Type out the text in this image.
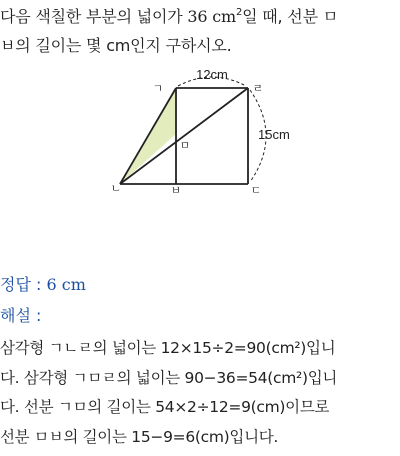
다음 색칠한 부분의 넓이가 36 $cm^2$일 때, 선분 ㅁ
ㅂ의 길이는 몇 cm인지 구하시오.
12cm
15cm
ㄱ	ㄹ
ㄴ	ㅂ	ㄷ
ㅁ
정답 : 6 cm
해설 :
삼각형 ㄱㄴㄹ의 넓이는 12×15÷2=90(cm²)입니
다. 삼각형 ㄱㅁㄹ의 넓이는 90−36=54(cm²)입니
다. 선분 ㄱㅁ의 길이는 54×2÷12=9(cm)이므로
선분 ㅁㅂ의 길이는 15−9=6(cm)입니다.
